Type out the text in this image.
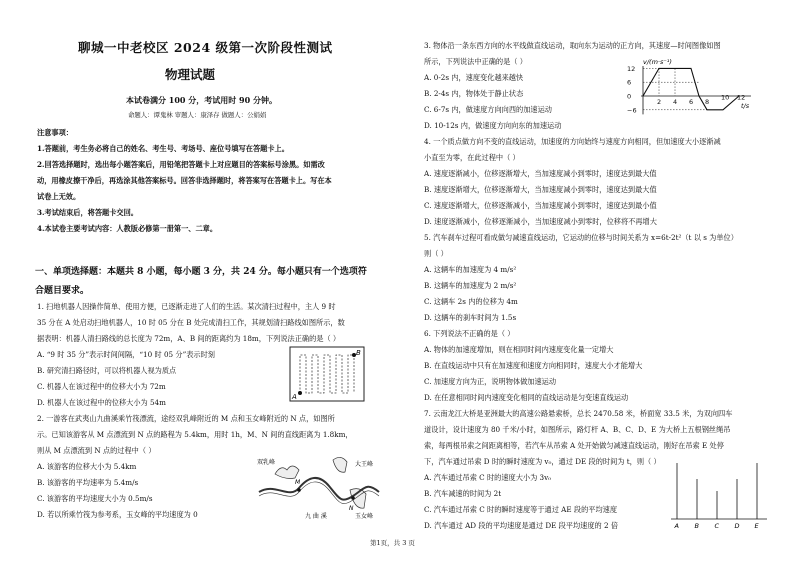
聊城一中老校区 2024 级第一次阶段性测试
物理试题
本试卷满分 100 分，考试用时 90 分钟。
命题人：谭鬼林 审题人：康泽存 做题人：公娟娟
注意事项：
1.答题前，考生务必将自己的姓名、考生号、考场号、座位号填写在答题卡上。
2.回答选择题时，选出每小题答案后，用铅笔把答题卡上对应题目的答案标号涂黑。如需改
动，用橡皮擦干净后，再选涂其他答案标号。回答非选择题时，将答案写在答题卡上。写在本
试卷上无效。
3.考试结束后，将答题卡交回。
4.本试卷主要考试内容：人教版必修第一册第一、二章。
一、单项选择题：本题共 8 小题，每小题 3 分，共 24 分。每小题只有一个选项符
合题目要求。
1. 扫地机器人因操作简单、使用方便，已逐渐走进了人们的生活。某次清扫过程中，主人 9 时
35 分在 A 处启动扫地机器人，10 时 05 分在 B 处完成清扫工作，其规划清扫路线如图所示，数
据表明：机器人清扫路线的总长度为 72m，A、B 间的距离约为 18m，下列说法正确的是（ ）
A. “9 时 35 分”表示时间间隔，“10 时 05 分”表示时刻
B. 研究清扫路径时，可以将机器人视为质点
C. 机器人在该过程中的位移大小为 72m
D. 机器人在该过程中的位移大小为 54m
2. 一游客在武夷山九曲溪乘竹筏漂流，途经双乳峰附近的 M 点和玉女峰附近的 N 点，如图所
示。已知该游客从 M 点漂流到 N 点的路程为 5.4km，用时 1h，M、N 间的直线距离为 1.8km，
则从 M 点漂流到 N 点的过程中（ ）
A. 该游客的位移大小为 5.4km
B. 该游客的平均速率为 5.4m/s
C. 该游客的平均速度大小为 0.5m/s
D. 若以所乘竹筏为参考系，玉女峰的平均速度为 0
A
B
双乳峰	大王峰
玉女峰
九 曲 溪
M
N
3. 物体沿一条东西方向的水平线做直线运动，取向东为运动的正方向，其速度—时间图像如图
所示，下列说法中正确的是（ ）
A. 0-2s 内，速度变化越来越快
B. 2-4s 内，物体处于静止状态
C. 6-7s 内，做速度方向向西的加速运动
D. 10-12s 内，做速度方向向东的加速运动
4. 一个质点做方向不变的直线运动，加速度的方向始终与速度方向相同，但加速度大小逐渐减
小直至为零，在此过程中（ ）
A. 速度逐渐减小，位移逐渐增大，当加速度减小到零时，速度达到最大值
B. 速度逐渐增大，位移逐渐增大，当加速度减小到零时，速度达到最大值
C. 速度逐渐增大，位移逐渐减小，当加速度减小到零时，速度达到最小值
D. 速度逐渐减小，位移逐渐减小，当加速度减小到零时，位移将不再增大
5. 汽车刹车过程可看成做匀减速直线运动，它运动的位移与时间关系为 x=6t-2t²（t 以 s 为单位）
则（ ）
A. 这辆车的加速度为 4 m/s²
B. 这辆车的加速度为 2 m/s²
C. 这辆车 2s 内的位移为 4m
D. 这辆车的刹车时间为 1.5s
6. 下列说法不正确的是（ ）
A. 物体的加速度增加，则在相同时间内速度变化量一定增大
B. 在直线运动中只有在加速度和速度方向相同时，速度大小才能增大
C. 加速度方向为正，说明物体做加速运动
D. 在任意相同时间内速度变化相同的直线运动是匀变速直线运动
7. 云南龙江大桥是亚洲最大的高速公路悬索桥，总长 2470.58 米，桥面宽 33.5 米，为双向四车
道设计，设计速度为 80 千米/小时，如图所示，路灯杆 A、B、C、D、E 为大桥上五根钢丝绳吊
索，每两根吊索之间距离相等，若汽车从吊索 A 处开始做匀减速直线运动，刚好在吊索 E 处停
下，汽车通过吊索 D 时的瞬时速度为 v₀，通过 DE 段的时间为 t，则（ ）
A. 汽车通过吊索 C 时的速度大小为 3v₀
B. 汽车减速的时间为 2t
C. 汽车通过吊索 C 时的瞬时速度等于通过 AE 段的平均速度
D. 汽车通过 AD 段的平均速度是通过 DE 段平均速度的 2 倍
v/(m·s⁻¹)
t/s
12
6
0
−6
2 4 6 8
10 12
A B C D E
第1页，共 3 页
